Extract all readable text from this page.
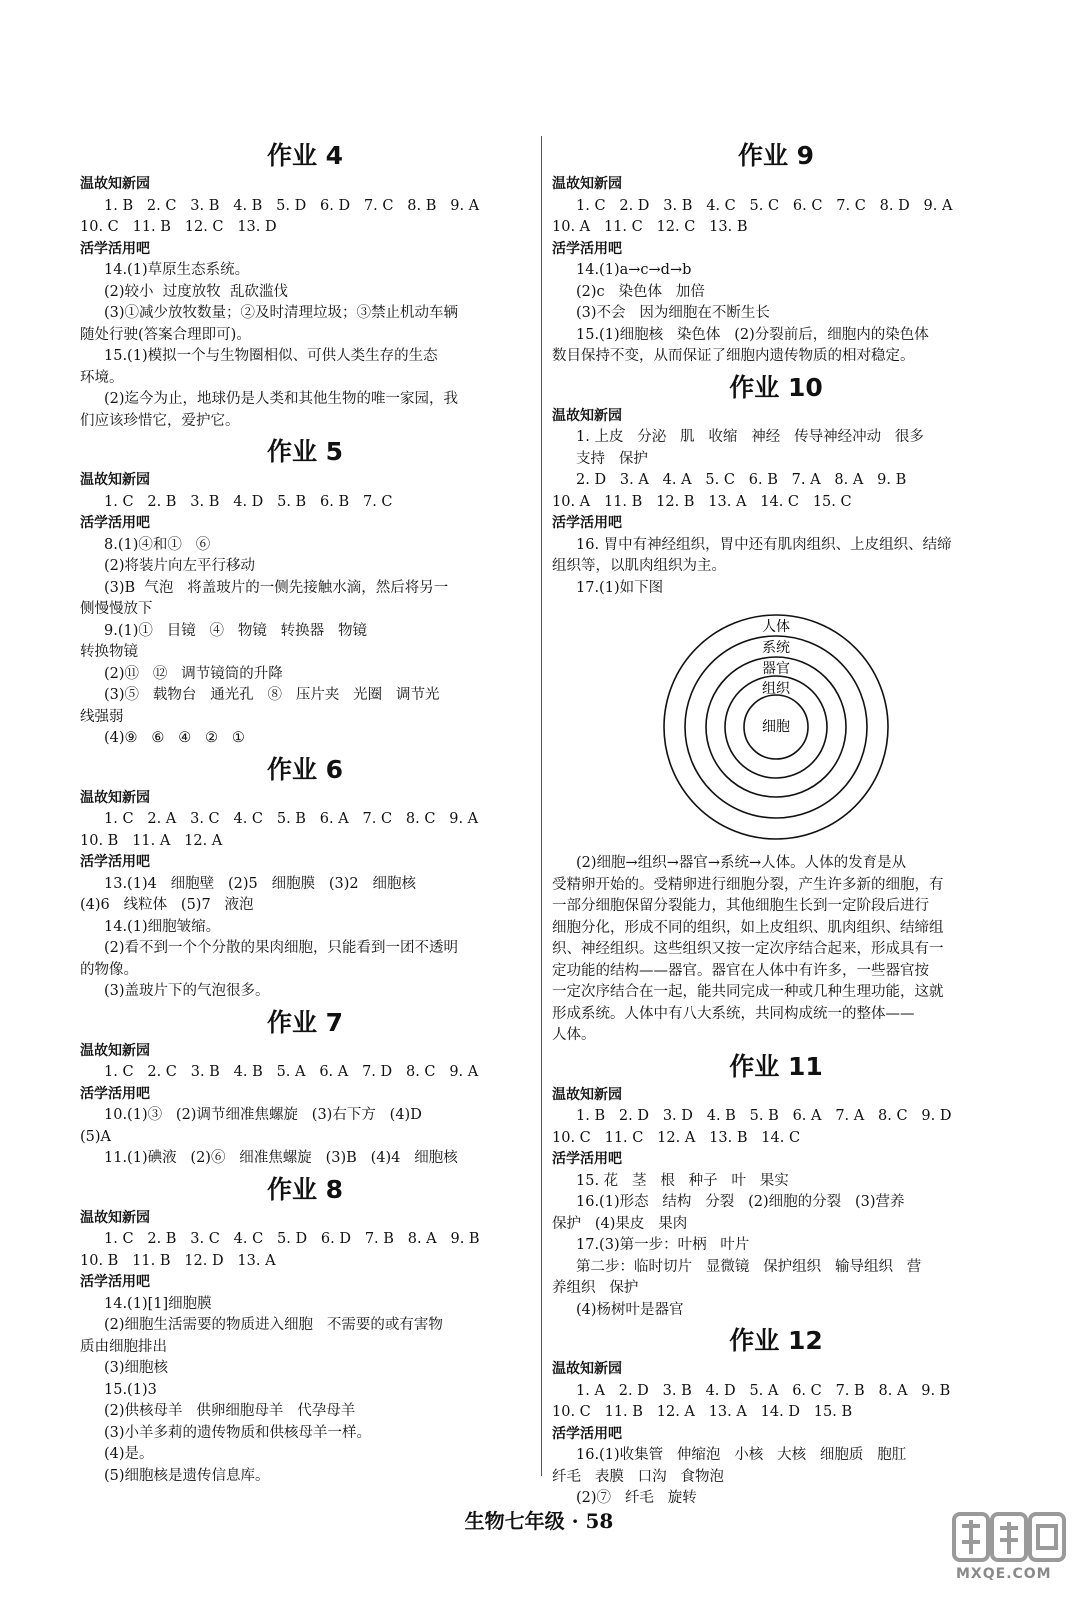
作业 4
温故知新园
1. B   2. C   3. B   4. B   5. D   6. D   7. C   8. B   9. A
10. C   11. B   12. C   13. D
活学活用吧
14.(1)草原生态系统。
(2)较小  过度放牧  乱砍滥伐
(3)①减少放牧数量；②及时清理垃圾；③禁止机动车辆
随处行驶(答案合理即可)。
15.(1)模拟一个与生物圈相似、可供人类生存的生态
环境。
(2)迄今为止，地球仍是人类和其他生物的唯一家园，我
们应该珍惜它，爱护它。
作业 5
温故知新园
1. C   2. B   3. B   4. D   5. B   6. B   7. C
活学活用吧
8.(1)④和①   ⑥
(2)将装片向左平行移动
(3)B  气泡   将盖玻片的一侧先接触水滴，然后将另一
侧慢慢放下
9.(1)①   目镜   ④   物镜   转换器   物镜
转换物镜
(2)⑪   ⑫   调节镜筒的升降
(3)⑤   载物台   通光孔   ⑧   压片夹   光圈   调节光
线强弱
(4)⑨   ⑥   ④   ②   ①
作业 6
温故知新园
1. C   2. A   3. C   4. C   5. B   6. A   7. C   8. C   9. A
10. B   11. A   12. A
活学活用吧
13.(1)4   细胞壁   (2)5   细胞膜   (3)2   细胞核
(4)6   线粒体   (5)7   液泡
14.(1)细胞皱缩。
(2)看不到一个个分散的果肉细胞，只能看到一团不透明
的物像。
(3)盖玻片下的气泡很多。
作业 7
温故知新园
1. C   2. C   3. B   4. B   5. A   6. A   7. D   8. C   9. A
活学活用吧
10.(1)③   (2)调节细准焦螺旋   (3)右下方   (4)D
(5)A
11.(1)碘液   (2)⑥   细准焦螺旋   (3)B   (4)4   细胞核
作业 8
温故知新园
1. C   2. B   3. C   4. C   5. D   6. D   7. B   8. A   9. B
10. B   11. B   12. D   13. A
活学活用吧
14.(1)[1]细胞膜
(2)细胞生活需要的物质进入细胞   不需要的或有害物
质由细胞排出
(3)细胞核
15.(1)3
(2)供核母羊   供卵细胞母羊   代孕母羊
(3)小羊多莉的遗传物质和供核母羊一样。
(4)是。
(5)细胞核是遗传信息库。
作业 9
温故知新园
1. C   2. D   3. B   4. C   5. C   6. C   7. C   8. D   9. A
10. A   11. C   12. C   13. B
活学活用吧
14.(1)a→c→d→b
(2)c   染色体   加倍
(3)不会   因为细胞在不断生长
15.(1)细胞核   染色体   (2)分裂前后，细胞内的染色体
数目保持不变，从而保证了细胞内遗传物质的相对稳定。
作业 10
温故知新园
1. 上皮   分泌   肌   收缩   神经   传导神经冲动   很多
支持   保护
2. D   3. A   4. A   5. C   6. B   7. A   8. A   9. B
10. A   11. B   12. B   13. A   14. C   15. C
活学活用吧
16. 胃中有神经组织，胃中还有肌肉组织、上皮组织、结缔
组织等，以肌肉组织为主。
17.(1)如下图
人体
系统
器官
组织
细胞
(2)细胞→组织→器官→系统→人体。人体的发育是从
受精卵开始的。受精卵进行细胞分裂，产生许多新的细胞，有
一部分细胞保留分裂能力，其他细胞生长到一定阶段后进行
细胞分化，形成不同的组织，如上皮组织、肌肉组织、结缔组
织、神经组织。这些组织又按一定次序结合起来，形成具有一
定功能的结构——器官。器官在人体中有许多，一些器官按
一定次序结合在一起，能共同完成一种或几种生理功能，这就
形成系统。人体中有八大系统，共同构成统一的整体——
人体。
作业 11
温故知新园
1. B   2. D   3. D   4. B   5. B   6. A   7. A   8. C   9. D
10. C   11. C   12. A   13. B   14. C
活学活用吧
15. 花   茎   根   种子   叶   果实
16.(1)形态   结构   分裂   (2)细胞的分裂   (3)营养
保护   (4)果皮   果肉
17.(3)第一步：叶柄   叶片
第二步：临时切片   显微镜   保护组织   输导组织   营
养组织   保护
(4)杨树叶是器官
作业 12
温故知新园
1. A   2. D   3. B   4. D   5. A   6. C   7. B   8. A   9. B
10. C   11. B   12. A   13. A   14. D   15. B
活学活用吧
16.(1)收集管   伸缩泡   小核   大核   细胞质   胞肛
纤毛   表膜   口沟   食物泡
(2)⑦   纤毛   旋转
生物七年级 · 58
MXQE.COM
